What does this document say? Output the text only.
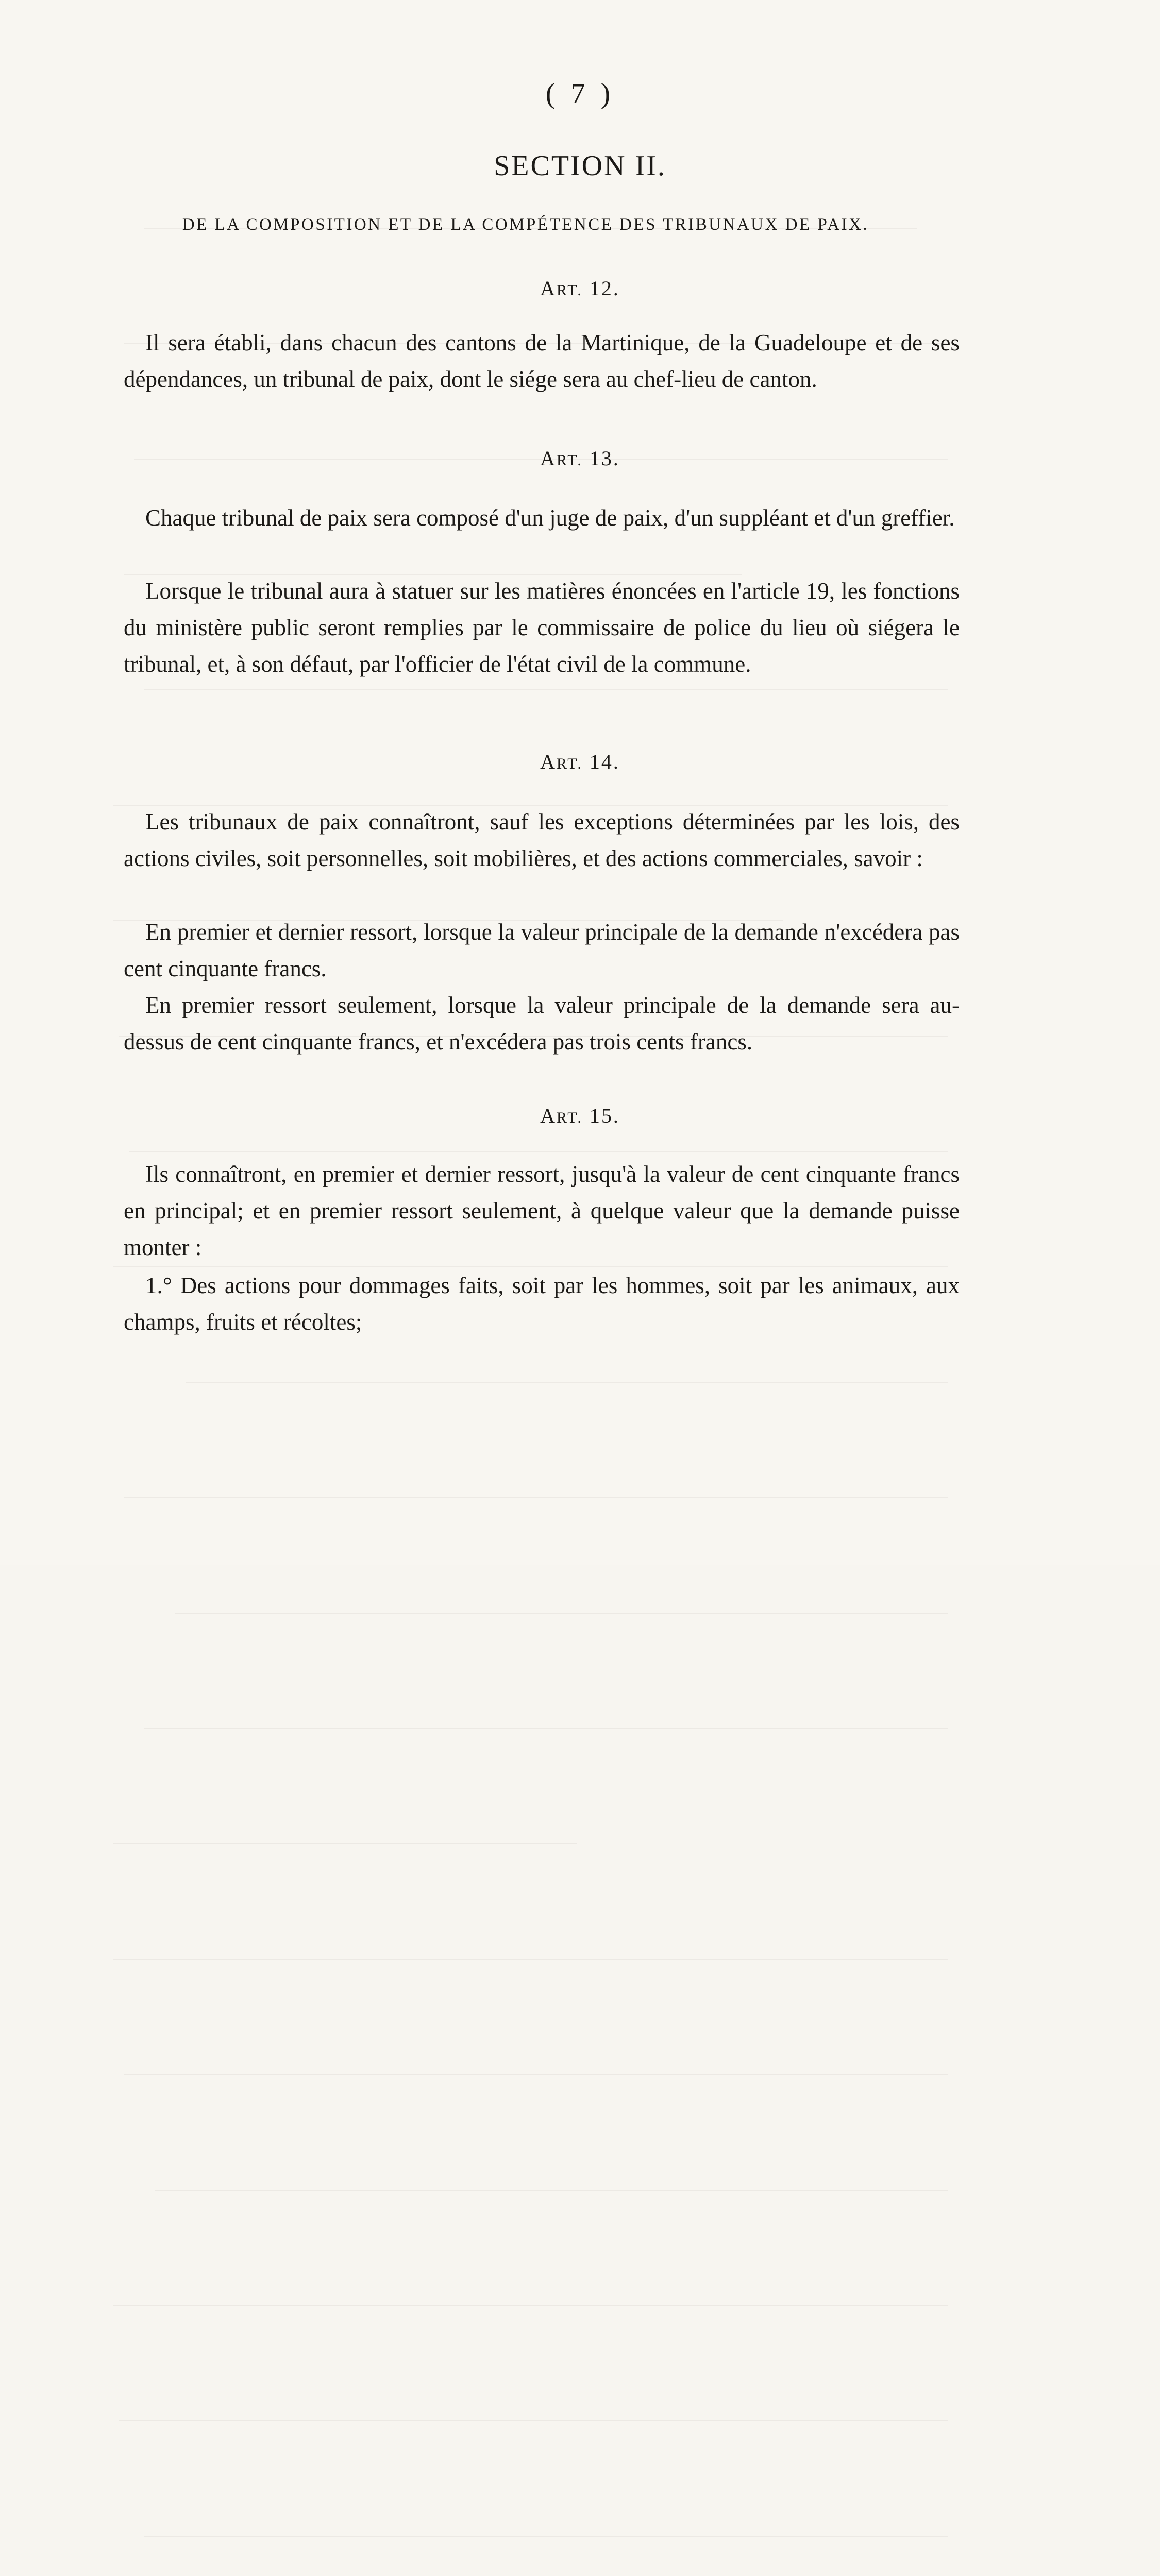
( 7 )
SECTION II.
DE LA COMPOSITION ET DE LA COMPÉTENCE DES TRIBUNAUX DE PAIX.
ART. 12.

Il sera établi, dans chacun des cantons de la Martinique, de la Guadeloupe et de ses dépendances, un tribunal de paix, dont le siége sera au chef-lieu de canton.

ART. 13.

Chaque tribunal de paix sera composé d'un juge de paix, d'un suppléant et d'un greffier.

Lorsque le tribunal aura à statuer sur les matières énoncées en l'article 19, les fonctions du ministère public seront remplies par le commissaire de police du lieu où siégera le tribunal, et, à son défaut, par l'officier de l'état civil de la commune.

ART. 14.

Les tribunaux de paix connaîtront, sauf les exceptions déterminées par les lois, des actions civiles, soit personnelles, soit mobilières, et des actions commerciales, savoir :

En premier et dernier ressort, lorsque la valeur principale de la demande n'excédera pas cent cinquante francs.

En premier ressort seulement, lorsque la valeur principale de la demande sera au-dessus de cent cinquante francs, et n'excédera pas trois cents francs.

ART. 15.

Ils connaîtront, en premier et dernier ressort, jusqu'à la valeur de cent cinquante francs en principal; et en premier ressort seulement, à quelque valeur que la demande puisse monter :

1.° Des actions pour dommages faits, soit par les hommes, soit par les animaux, aux champs, fruits et récoltes;
